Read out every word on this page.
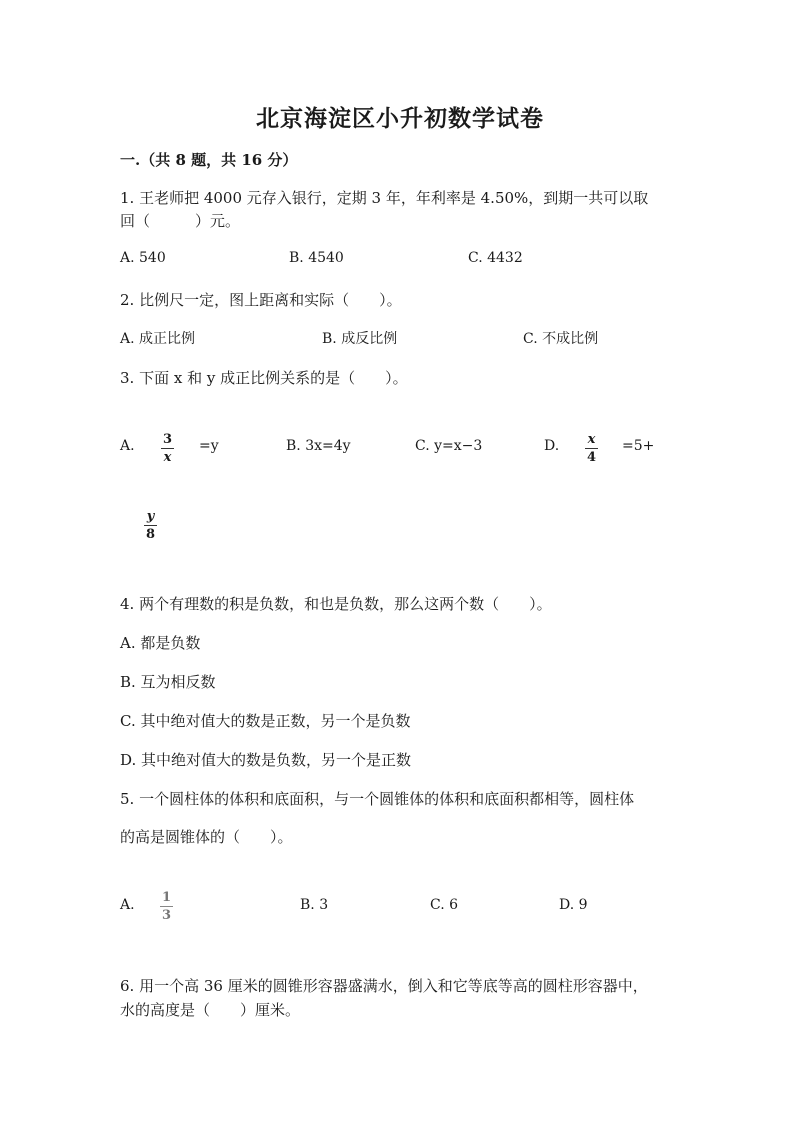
北京海淀区小升初数学试卷
一.（共 8 题，共 16 分）
1. 王老师把 4000 元存入银行，定期 3 年，年利率是 4.50%，到期一共可以取
回（　　　）元。
A. 540	B. 4540	C. 4432
2. 比例尺一定，图上距离和实际（　　）。
A. 成正比例	B. 成反比例	C. 不成比例
3. 下面 x 和 y 成正比例关系的是（　　）。
A. 3
x
=y	B. 3x=4y	C. y=x−3	D. x
4
=5+
y
8
4. 两个有理数的积是负数，和也是负数，那么这两个数（　　）。
A. 都是负数
B. 互为相反数
C. 其中绝对值大的数是正数，另一个是负数
D. 其中绝对值大的数是负数，另一个是正数
5. 一个圆柱体的体积和底面积，与一个圆锥体的体积和底面积都相等，圆柱体
的高是圆锥体的（　　）。
A. 1
3
B. 3	C. 6	D. 9
6. 用一个高 36 厘米的圆锥形容器盛满水，倒入和它等底等高的圆柱形容器中，
水的高度是（　　）厘米。
